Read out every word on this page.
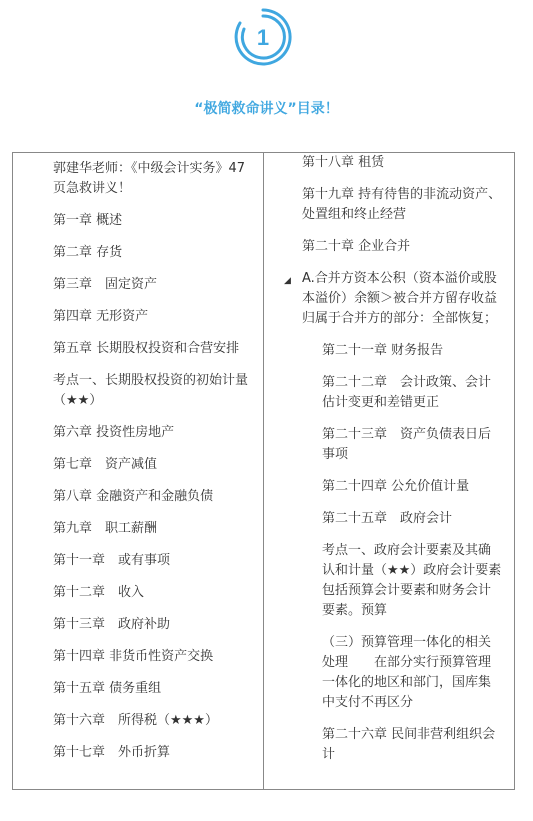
1
“极简救命讲义”目录！
郭建华老师：《中级会计实务》47页急救讲义！
第一章 概述
第二章 存货
第三章　固定资产
第四章 无形资产
第五章 长期股权投资和合营安排
考点一、长期股权投资的初始计量（★★）
第六章 投资性房地产
第七章　资产减值
第八章 金融资产和金融负债
第九章　职工薪酬
第十一章　或有事项
第十二章　收入
第十三章　政府补助
第十四章 非货币性资产交换
第十五章 债务重组
第十六章　所得税（★★★）
第十七章　外币折算
第十八章 租赁
第十九章 持有待售的非流动资产、处置组和终止经营
第二十章 企业合并
A.合并方资本公积（资本溢价或股本溢价）余额＞被合并方留存收益归属于合并方的部分：全部恢复；
第二十一章 财务报告
第二十二章　会计政策、会计估计变更和差错更正
第二十三章　资产负债表日后事项
第二十四章 公允价值计量
第二十五章　政府会计
考点一、政府会计要素及其确认和计量（★★）政府会计要素包括预算会计要素和财务会计要素。预算
（三）预算管理一体化的相关处理　　在部分实行预算管理一体化的地区和部门，国库集中支付不再区分
第二十六章 民间非营利组织会计
◢
